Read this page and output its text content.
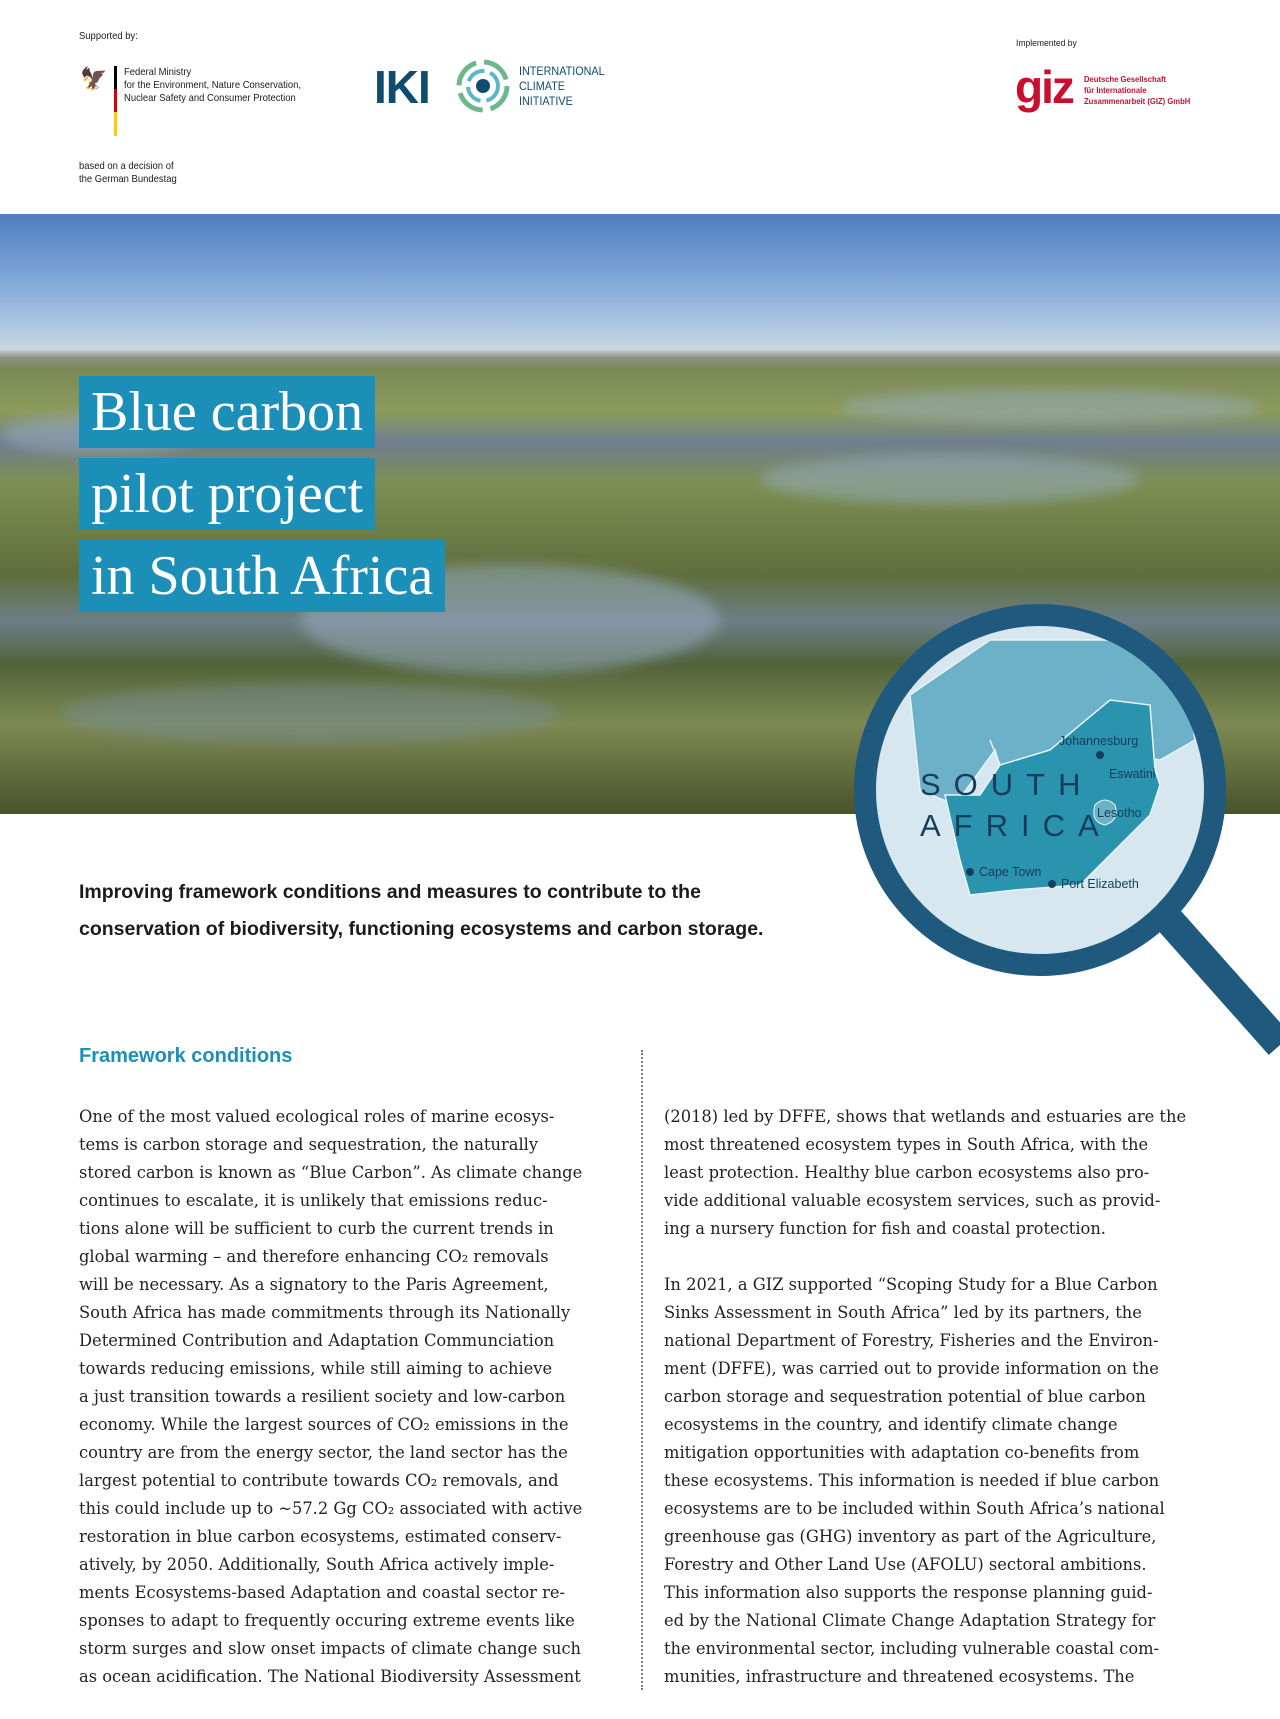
Supported by:
🦅 Federal Ministry
for the Environment, Nature Conservation,
Nuclear Safety and Consumer Protection
based on a decision of
the German Bundestag
IKI	INTERNATIONAL
CLIMATE
INITIATIVE
Implemented by
giz Deutsche Gesellschaft
für Internationale
Zusammenarbeit (GIZ) GmbH
Blue carbon
pilot project
in South Africa
SOUTH
AFRICA
Johannesburg
Eswatini
Lesotho
Cape Town
Port Elizabeth
Improving framework conditions and measures to contribute to the
conservation of biodiversity, functioning ecosystems and carbon storage.
Framework conditions

One of the most valued ecological roles of marine ecosys-
tems is carbon storage and sequestration, the naturally
stored carbon is known as “Blue Carbon”. As climate change
continues to escalate, it is unlikely that emissions reduc-
tions alone will be sufficient to curb the current trends in
global warming – and therefore enhancing CO₂ removals
will be necessary. As a signatory to the Paris Agreement,
South Africa has made commitments through its Nationally
Determined Contribution and Adaptation Communciation
towards reducing emissions, while still aiming to achieve
a just transition towards a resilient society and low-carbon
economy. While the largest sources of CO₂ emissions in the
country are from the energy sector, the land sector has the
largest potential to contribute towards CO₂ removals, and
this could include up to ~57.2 Gg CO₂ associated with active
restoration in blue carbon ecosystems, estimated conserv-
atively, by 2050. Additionally, South Africa actively imple-
ments Ecosystems-based Adaptation and coastal sector re-
sponses to adapt to frequently occuring extreme events like
storm surges and slow onset impacts of climate change such
as ocean acidification. The National Biodiversity Assessment

(2018) led by DFFE, shows that wetlands and estuaries are the
most threatened ecosystem types in South Africa, with the
least protection. Healthy blue carbon ecosystems also pro-
vide additional valuable ecosystem services, such as provid-
ing a nursery function for fish and coastal protection.

In 2021, a GIZ supported “Scoping Study for a Blue Carbon
Sinks Assessment in South Africa” led by its partners, the
national Department of Forestry, Fisheries and the Environ-
ment (DFFE), was carried out to provide information on the
carbon storage and sequestration potential of blue carbon
ecosystems in the country, and identify climate change
mitigation opportunities with adaptation co-benefits from
these ecosystems. This information is needed if blue carbon
ecosystems are to be included within South Africa’s national
greenhouse gas (GHG) inventory as part of the Agriculture,
Forestry and Other Land Use (AFOLU) sectoral ambitions.
This information also supports the response planning guid-
ed by the National Climate Change Adaptation Strategy for
the environmental sector, including vulnerable coastal com-
munities, infrastructure and threatened ecosystems. The
